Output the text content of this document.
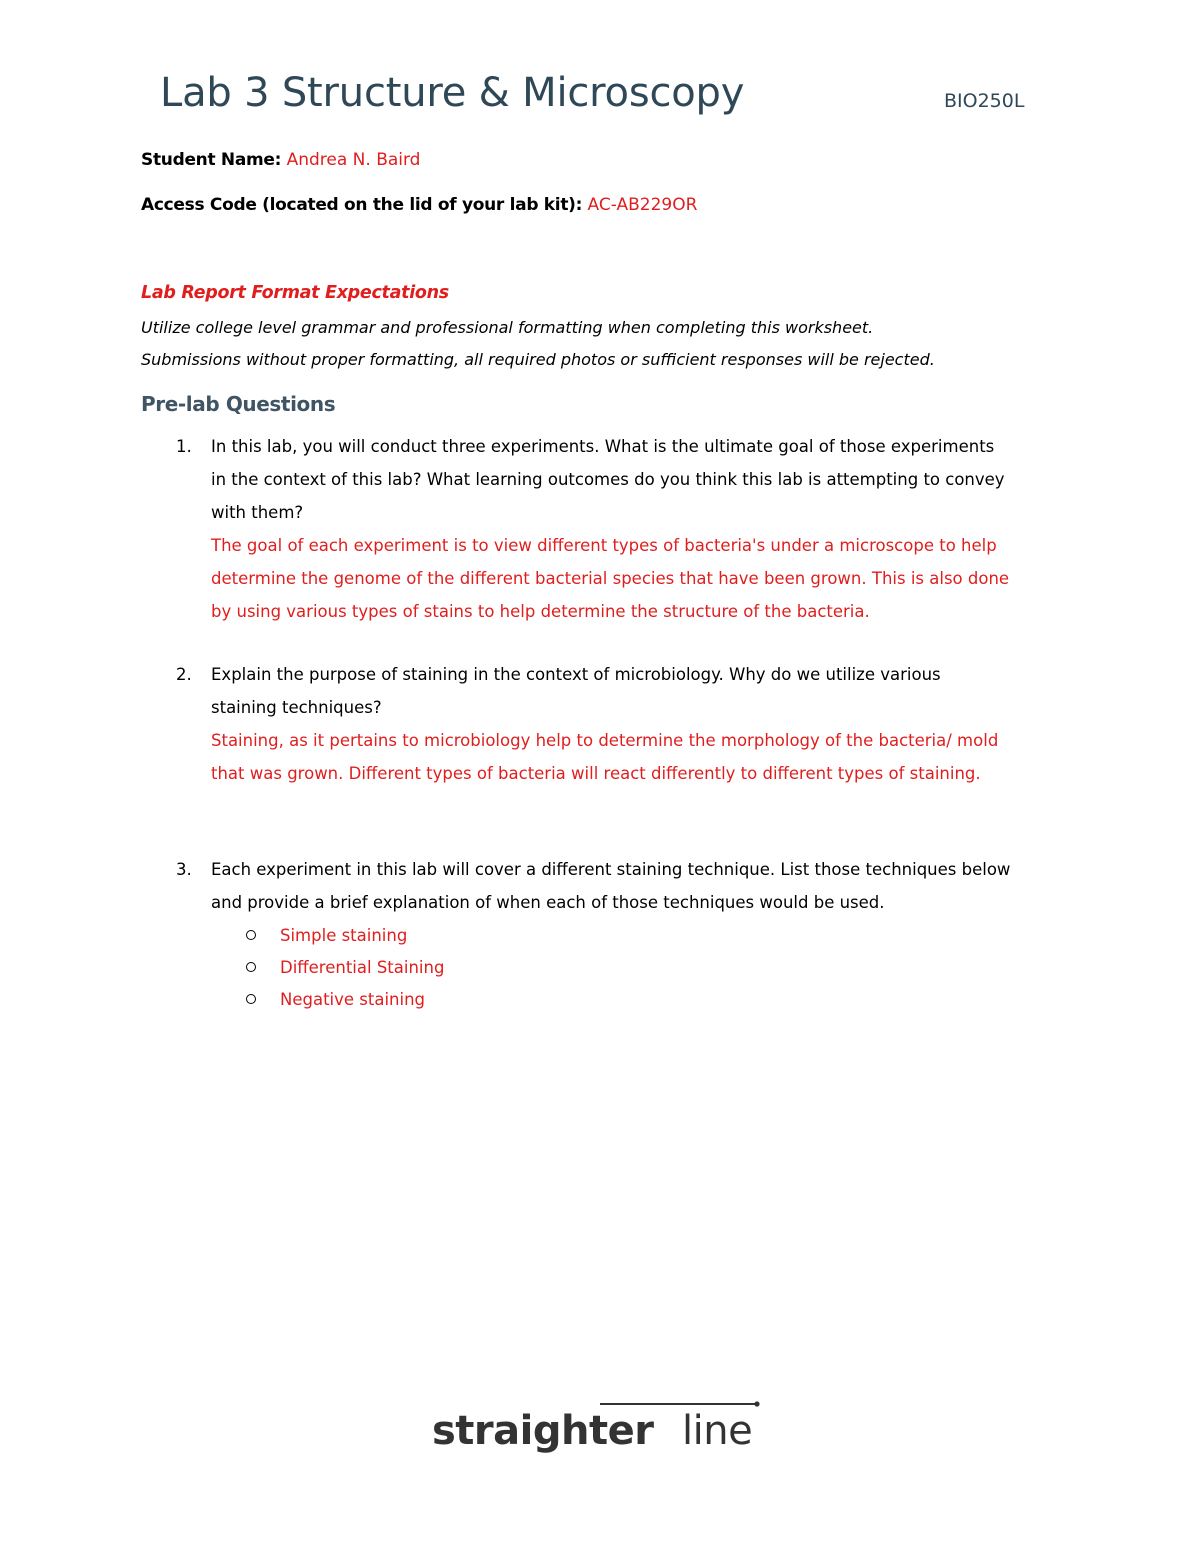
Lab 3 Structure & Microscopy	BIO250L
Student Name: Andrea N. Baird
Access Code (located on the lid of your lab kit): AC-AB229OR
Lab Report Format Expectations
Utilize college level grammar and professional formatting when completing this worksheet.
Submissions without proper formatting, all required photos or sufficient responses will be rejected.
Pre-lab Questions
1. In this lab, you will conduct three experiments. What is the ultimate goal of those experiments
in the context of this lab? What learning outcomes do you think this lab is attempting to convey
with them?
The goal of each experiment is to view different types of bacteria's under a microscope to help
determine the genome of the different bacterial species that have been grown. This is also done
by using various types of stains to help determine the structure of the bacteria.
2. Explain the purpose of staining in the context of microbiology. Why do we utilize various
staining techniques?
Staining, as it pertains to microbiology help to determine the morphology of the bacteria/ mold
that was grown. Different types of bacteria will react differently to different types of staining.
3. Each experiment in this lab will cover a different staining technique. List those techniques below
and provide a brief explanation of when each of those techniques would be used.
Simple staining
Differential Staining
Negative staining
straighter line
